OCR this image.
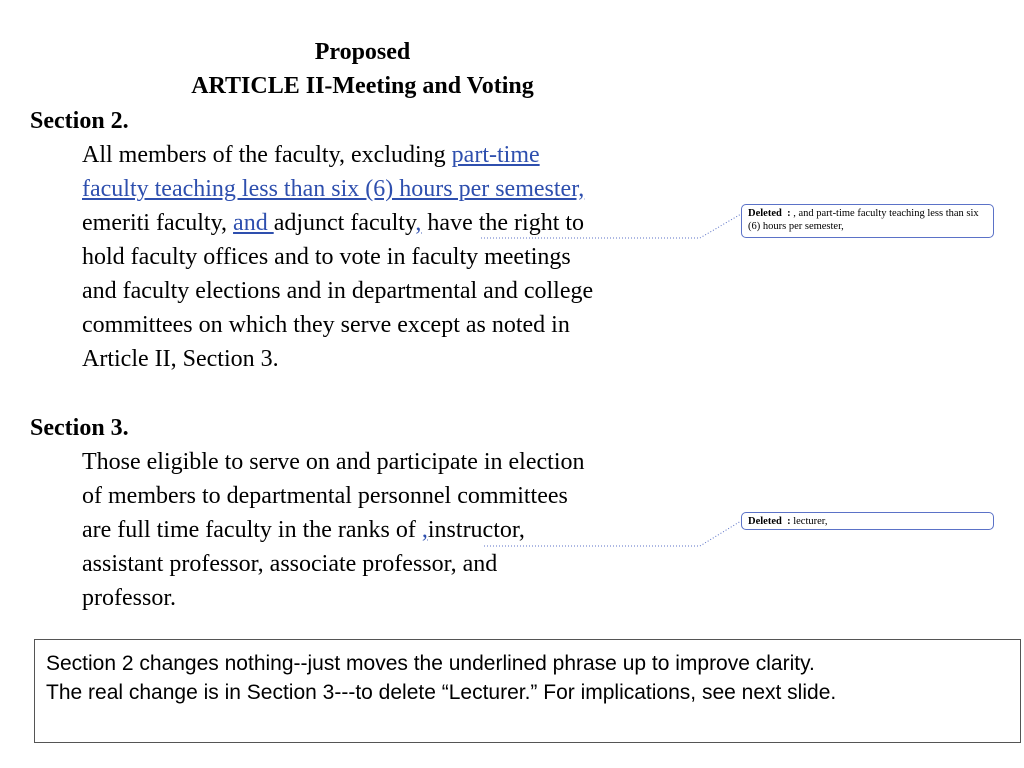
Proposed
ARTICLE II-Meeting and Voting
Section 2.
All members of the faculty, excluding part-time
faculty teaching less than six (6) hours per semester,
emeriti faculty, and adjunct faculty, have the right to
hold faculty offices and to vote in faculty meetings
and faculty elections and in departmental and college
committees on which they serve except as noted in
Article II, Section 3.
Section 3.
Those eligible to serve on and participate in election
of members to departmental personnel committees
are full time faculty in the ranks of ,instructor,
assistant professor, associate professor, and
professor.
Deleted : , and part-time faculty teaching less than six (6) hours per semester,
Deleted : lecturer,
Section 2 changes nothing--just moves the underlined phrase up to improve clarity.
The real change is in Section 3---to delete “Lecturer.” For implications, see next slide.
